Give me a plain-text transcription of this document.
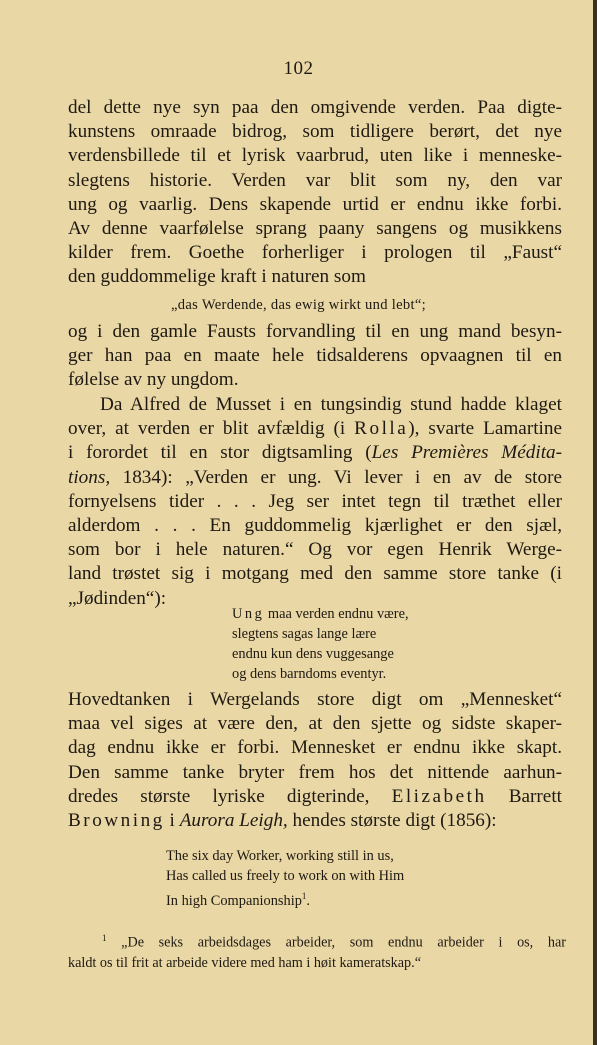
102
del dette nye syn paa den omgivende verden. Paa digte-
kunstens omraade bidrog, som tidligere berørt, det nye
verdensbillede til et lyrisk vaarbrud, uten like i menneske-
slegtens historie. Verden var blit som ny, den var
ung og vaarlig. Dens skapende urtid er endnu ikke forbi.
Av denne vaarfølelse sprang paany sangens og musikkens
kilder frem. Goethe forherliger i prologen til „Faust“
den guddommelige kraft i naturen som
„das Werdende, das ewig wirkt und lebt“;
og i den gamle Fausts forvandling til en ung mand besyn-
ger han paa en maate hele tidsalderens opvaagnen til en
følelse av ny ungdom.
Da Alfred de Musset i en tungsindig stund hadde klaget
over, at verden er blit avfældig (i Rolla), svarte Lamartine
i forordet til en stor digtsamling (Les Premières Médita-
tions, 1834): „Verden er ung. Vi lever i en av de store
fornyelsens tider . . . Jeg ser intet tegn til træthet eller
alderdom . . . En guddommelig kjærlighet er den sjæl,
som bor i hele naturen.“ Og vor egen Henrik Werge-
land trøstet sig i motgang med den samme store tanke (i
„Jødinden“):
Ung maa verden endnu være,
slegtens sagas lange lære
endnu kun dens vuggesange
og dens barndoms eventyr.
Hovedtanken i Wergelands store digt om „Mennesket“
maa vel siges at være den, at den sjette og sidste skaper-
dag endnu ikke er forbi. Mennesket er endnu ikke skapt.
Den samme tanke bryter frem hos det nittende aarhun-
dredes største lyriske digterinde, Elizabeth Barrett
Browning i Aurora Leigh, hendes største digt (1856):
The six day Worker, working still in us,
Has called us freely to work on with Him
In high Companionship$^1$.
$^1$ „De seks arbeidsdages arbeider, som endnu arbeider i os, har
kaldt os til frit at arbeide videre med ham i høit kameratskap.“
